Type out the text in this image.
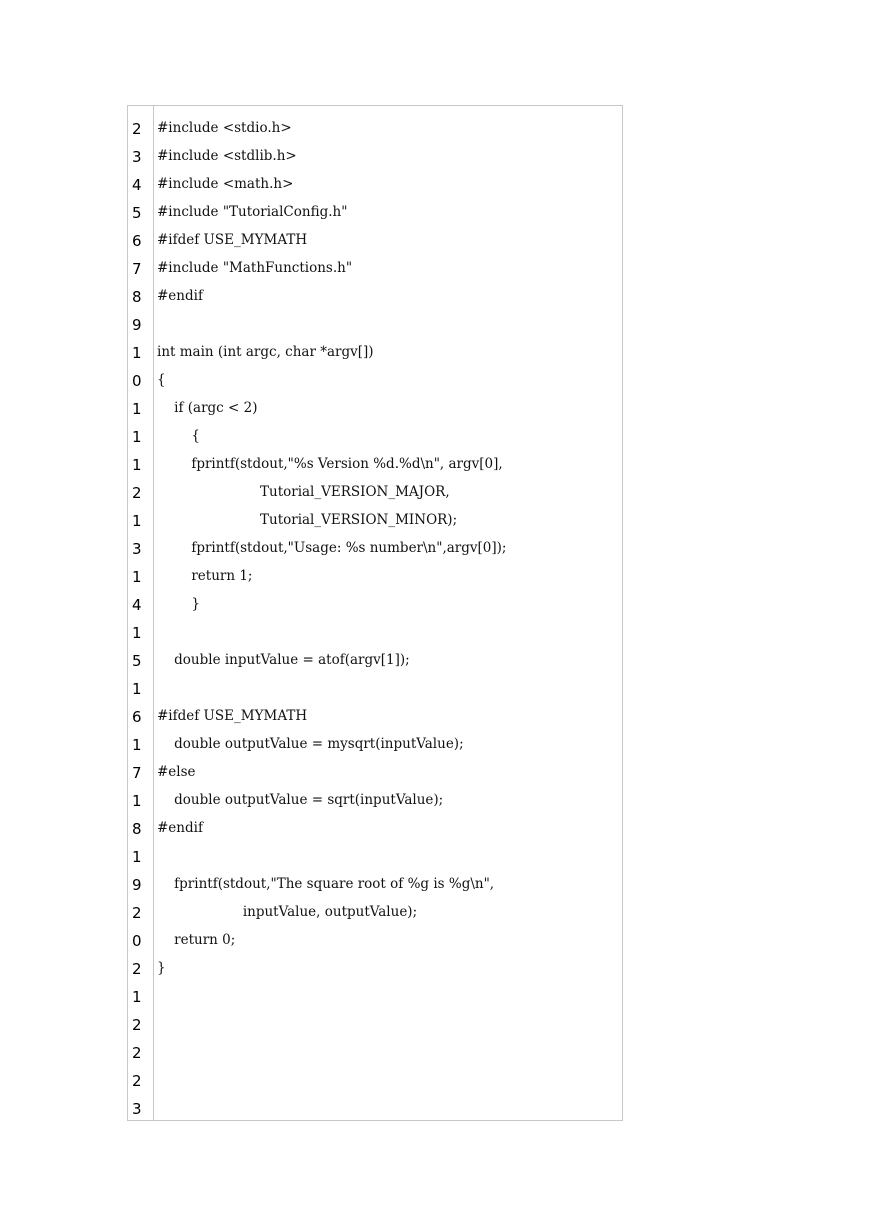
2
3
4
5
6
7
8
9
1
0
1
1
1
2
1
3
1
4
1
5
1
6
1
7
1
8
1
9
2
0
2
1
2
2
2
3
#include <stdio.h>
#include <stdlib.h>
#include <math.h>
#include "TutorialConfig.h"
#ifdef USE_MYMATH
#include "MathFunctions.h"
#endif
int main (int argc, char *argv[])
{
if (argc < 2)
{
fprintf(stdout,"%s Version %d.%d\n", argv[0],
Tutorial_VERSION_MAJOR,
Tutorial_VERSION_MINOR);
fprintf(stdout,"Usage: %s number\n",argv[0]);
return 1;
}
double inputValue = atof(argv[1]);
#ifdef USE_MYMATH
double outputValue = mysqrt(inputValue);
#else
double outputValue = sqrt(inputValue);
#endif
fprintf(stdout,"The square root of %g is %g\n",
inputValue, outputValue);
return 0;
}
